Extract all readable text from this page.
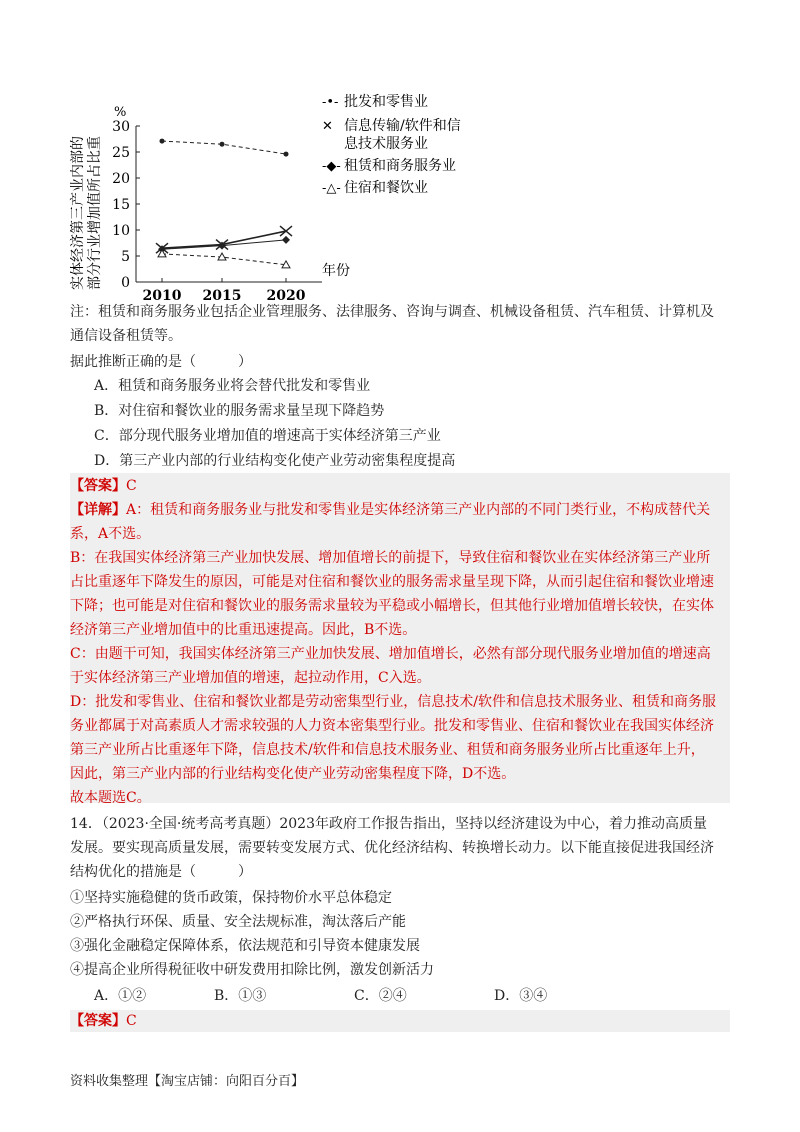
实体经济第三产业内部的 部分行业增加值所占比重
%
0
5
10
15
20
25
30
2010 2015 2020
年份
-•- 批发和零售业
✕ 信息传输/软件和信
息技术服务业
-◆- 租赁和商务服务业
-△- 住宿和餐饮业

注：租赁和商务服务业包括企业管理服务、法律服务、咨询与调查、机械设备租赁、汽车租赁、计算机及

通信设备租赁等。

据此推断正确的是（　　　）

A．租赁和商务服务业将会替代批发和零售业
B．对住宿和餐饮业的服务需求量呈现下降趋势
C．部分现代服务业增加值的增速高于实体经济第三产业
D．第三产业内部的行业结构变化使产业劳动密集程度提高

【答案】C

【详解】A：租赁和商务服务业与批发和零售业是实体经济第三产业内部的不同门类行业，不构成替代关

系，A不选。

B：在我国实体经济第三产业加快发展、增加值增长的前提下，导致住宿和餐饮业在实体经济第三产业所

占比重逐年下降发生的原因，可能是对住宿和餐饮业的服务需求量呈现下降，从而引起住宿和餐饮业增速

下降；也可能是对住宿和餐饮业的服务需求量较为平稳或小幅增长，但其他行业增加值增长较快，在实体

经济第三产业增加值中的比重迅速提高。因此，B不选。

C：由题干可知，我国实体经济第三产业加快发展、增加值增长，必然有部分现代服务业增加值的增速高

于实体经济第三产业增加值的增速，起拉动作用，C入选。

D：批发和零售业、住宿和餐饮业都是劳动密集型行业，信息技术/软件和信息技术服务业、租赁和商务服

务业都属于对高素质人才需求较强的人力资本密集型行业。批发和零售业、住宿和餐饮业在我国实体经济

第三产业所占比重逐年下降，信息技术/软件和信息技术服务业、租赁和商务服务业所占比重逐年上升，

因此，第三产业内部的行业结构变化使产业劳动密集程度下降，D不选。

故本题选C。

14．（2023·全国·统考高考真题）2023年政府工作报告指出，坚持以经济建设为中心，着力推动高质量

发展。要实现高质量发展，需要转变发展方式、优化经济结构、转换增长动力。以下能直接促进我国经济

结构优化的措施是（　　　）

①坚持实施稳健的货币政策，保持物价水平总体稳定

②严格执行环保、质量、安全法规标准，淘汰落后产能

③强化金融稳定保障体系，依法规范和引导资本健康发展

④提高企业所得税征收中研发费用扣除比例，激发创新活力

A．①②	B．①③	C．②④	D．③④

【答案】C

资料收集整理【淘宝店铺：向阳百分百】
